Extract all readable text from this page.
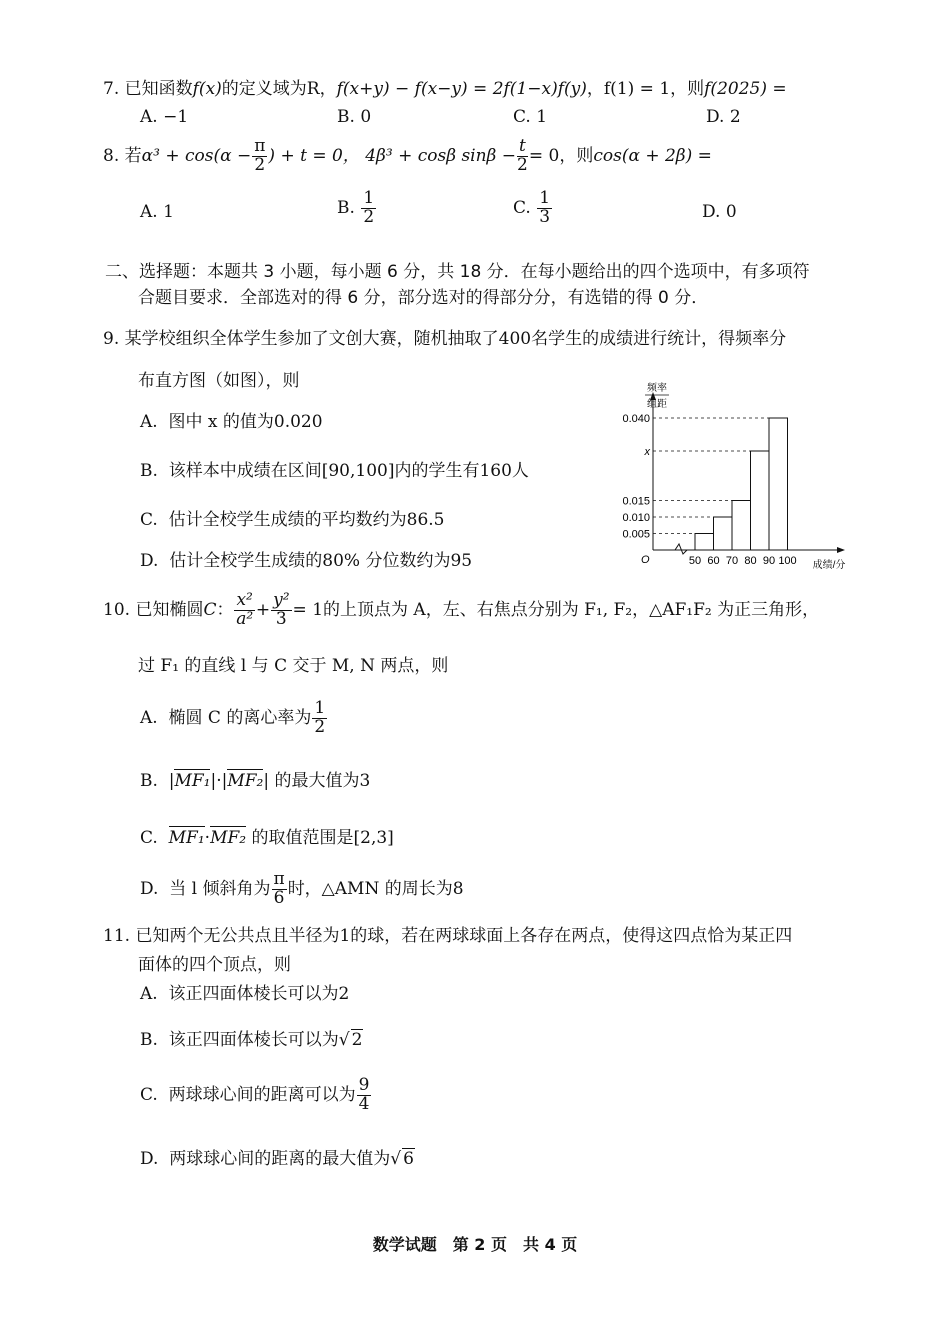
7. 已知函数f(x)的定义域为R，f(x+y) − f(x−y) = 2f(1−x)f(y)，f(1) = 1，则f(2025) =
A. −1	B. 0	C. 1	D. 2
8. 若$\alpha^3 + \cos(\alpha - \frac{\pi}{2}$ ) + t = 0， 4β³ + cosβ $\sin\beta - \frac{t}{2} = 0$，则cos(α + 2β) =
A. 1	B. $\frac{1}{2}$	C. $\frac{1}{3}$	D. 0
二、选择题：本题共 3 小题，每小题 6 分，共 18 分．在每小题给出的四个选项中，有多项符
合题目要求．全部选对的得 6 分，部分选对的得部分分，有选错的得 0 分．
9. 某学校组织全体学生参加了文创大赛，随机抽取了400名学生的成绩进行统计，得频率分
布直方图（如图），则
A. 图中 x 的值为0.020
B. 该样本中成绩在区间[90,100]内的学生有160人
C. 估计全校学生成绩的平均数约为86.5
D. 估计全校学生成绩的80% 分位数约为95
频率
组距
O
0.005
0.010
0.015
x
0.040
50 60 70 80 90 100 成绩/分
10. 已知椭圆C： $\frac{\text{x²}}{\text{a²}} + \frac{\text{y²}}{3} = 1$的上顶点为 A，左、右焦点分别为 F₁, F₂，△AF₁F₂ 为正三角形，
过 F₁ 的直线 l 与 C 交于 M, N 两点，则
A. 椭圆 C 的离心率为 $\frac{1}{2}$
B.  |MF₁|·|MF₂| 的最大值为3
C. MF₁·MF₂ 的取值范围是[2,3]
D. 当 l 倾斜角为 $\frac{\pi}{6}$ 时，△AMN 的周长为8
11. 已知两个无公共点且半径为1的球，若在两球球面上各存在两点，使得这四点恰为某正四
面体的四个顶点，则
A. 该正四面体棱长可以为2
B. 该正四面体棱长可以为√ 2
C. 两球球心间的距离可以为 $\frac{9}{4}$
D. 两球球心间的距离的最大值为√ 6
数学试题　第 2 页　共 4 页
